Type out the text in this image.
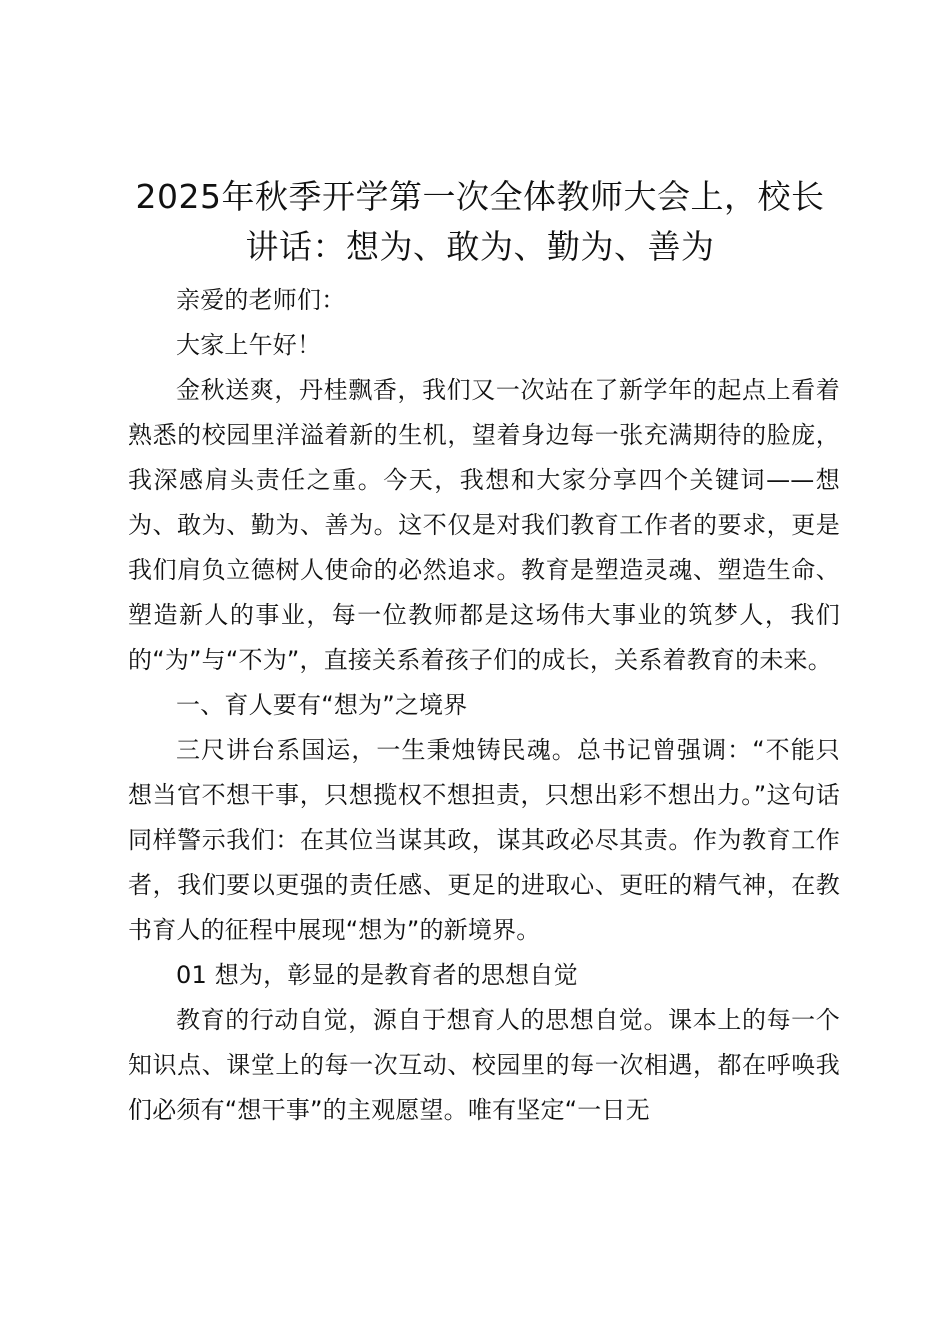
2025年秋季开学第一次全体教师大会上，校长讲话：想为、敢为、勤为、善为

亲爱的老师们：

大家上午好！

金秋送爽，丹桂飘香，我们又一次站在了新学年的起点上看着熟悉的校园里洋溢着新的生机，望着身边每一张充满期待的脸庞，我深感肩头责任之重。今天，我想和大家分享四个关键词——想为、敢为、勤为、善为。这不仅是对我们教育工作者的要求，更是我们肩负立德树人使命的必然追求。教育是塑造灵魂、塑造生命、塑造新人的事业，每一位教师都是这场伟大事业的筑梦人，我们的“为”与“不为”，直接关系着孩子们的成长，关系着教育的未来。

一、育人要有“想为”之境界

三尺讲台系国运，一生秉烛铸民魂。总书记曾强调：“不能只想当官不想干事，只想揽权不想担责，只想出彩不想出力。”这句话同样警示我们：在其位当谋其政，谋其政必尽其责。作为教育工作者，我们要以更强的责任感、更足的进取心、更旺的精气神，在教书育人的征程中展现“想为”的新境界。

01 想为，彰显的是教育者的思想自觉

教育的行动自觉，源自于想育人的思想自觉。课本上的每一个知识点、课堂上的每一次互动、校园里的每一次相遇，都在呼唤我们必须有“想干事”的主观愿望。唯有坚定“一日无
